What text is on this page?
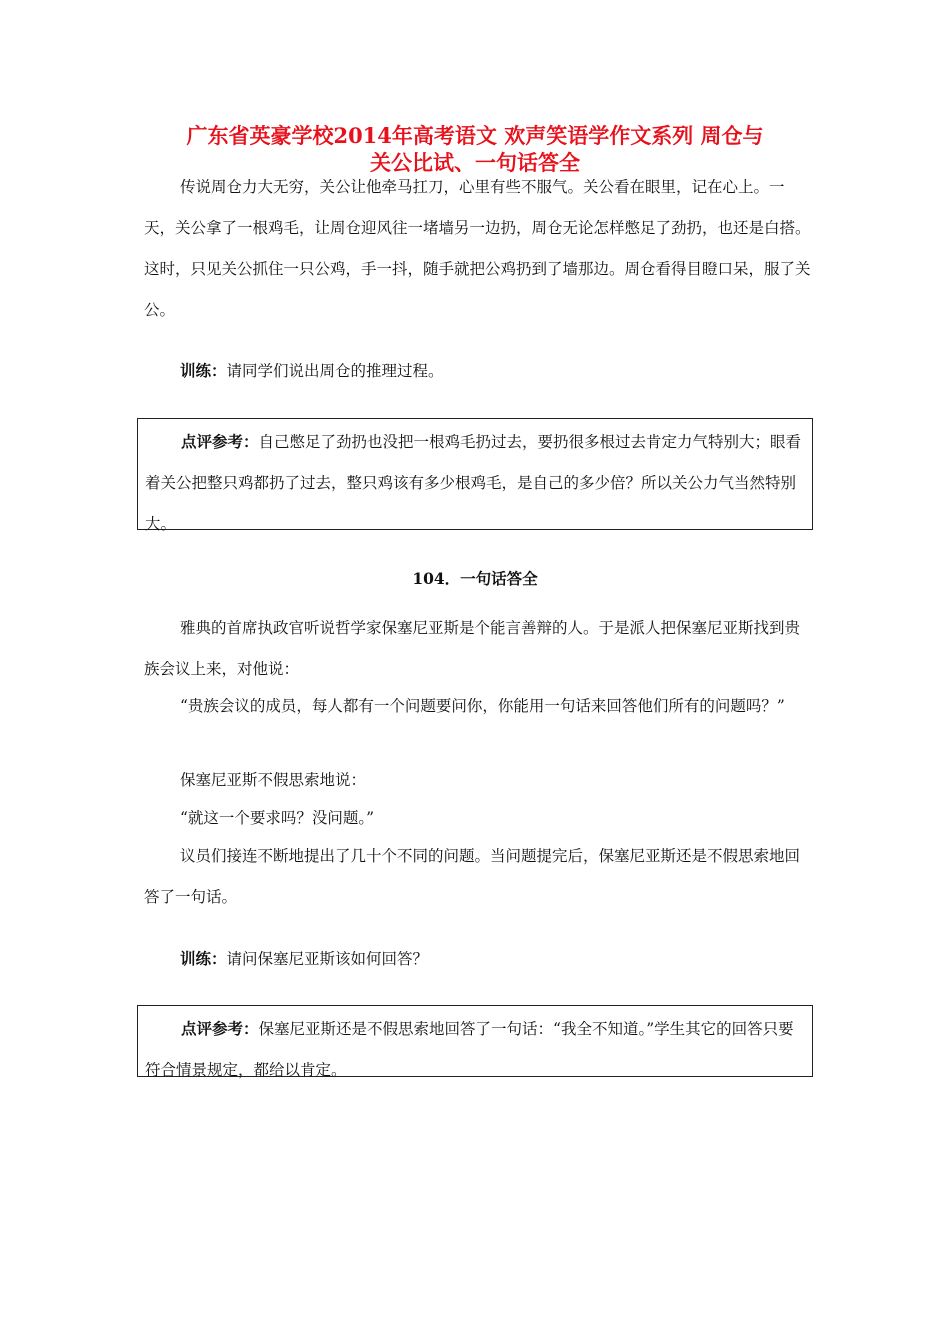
广东省英豪学校2014年高考语文 欢声笑语学作文系列 周仓与
关公比试、一句话答全

传说周仓力大无穷，关公让他牵马扛刀，心里有些不服气。关公看在眼里，记在心上。一天，关公拿了一根鸡毛，让周仓迎风往一堵墙另一边扔，周仓无论怎样憋足了劲扔，也还是白搭。这时，只见关公抓住一只公鸡，手一抖，随手就把公鸡扔到了墙那边。周仓看得目瞪口呆，服了关公。

训练：请同学们说出周仓的推理过程。

点评参考：自己憋足了劲扔也没把一根鸡毛扔过去，要扔很多根过去肯定力气特别大；眼看着关公把整只鸡都扔了过去，整只鸡该有多少根鸡毛，是自己的多少倍？所以关公力气当然特别大。

104．一句话答全

雅典的首席执政官听说哲学家保塞尼亚斯是个能言善辩的人。于是派人把保塞尼亚斯找到贵族会议上来，对他说：

“贵族会议的成员，每人都有一个问题要问你，你能用一句话来回答他们所有的问题吗？”

保塞尼亚斯不假思索地说：

“就这一个要求吗？没问题。”

议员们接连不断地提出了几十个不同的问题。当问题提完后，保塞尼亚斯还是不假思索地回答了一句话。

训练：请问保塞尼亚斯该如何回答？

点评参考：保塞尼亚斯还是不假思索地回答了一句话：“我全不知道。”学生其它的回答只要符合情景规定，都给以肯定。
